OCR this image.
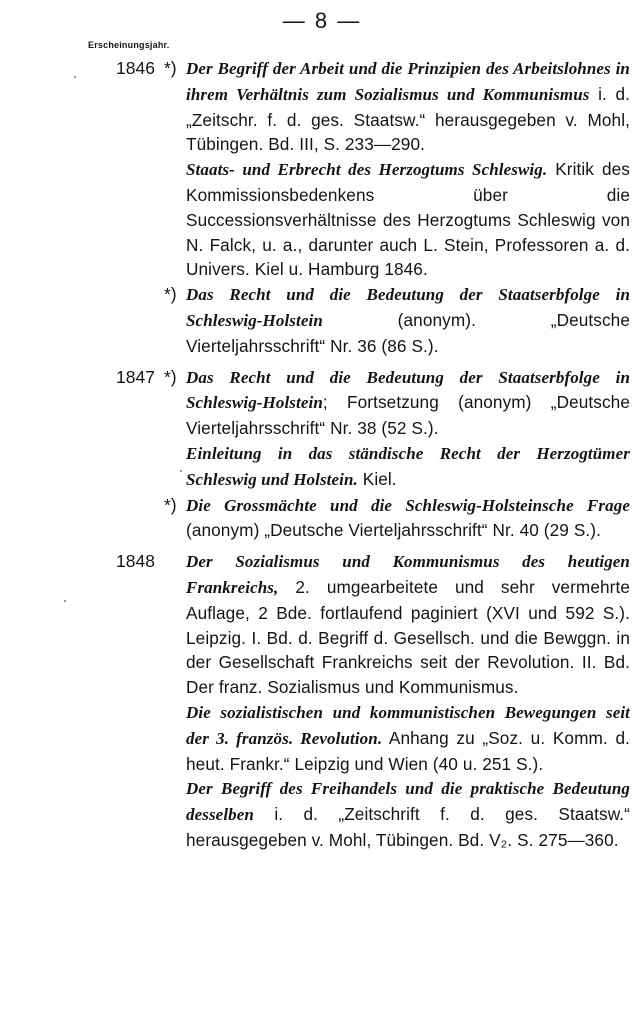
— 8 —
Erscheinungsjahr.
1846 *) Der Begriff der Arbeit und die Prinzipien des Arbeitslohnes in ihrem Verhältnis zum Sozialismus und Kommunismus i. d. „Zeitschr. f. d. ges. Staatsw.“ herausgegeben v. Mohl, Tübingen. Bd. III, S. 233—290.
Staats- und Erbrecht des Herzogtums Schleswig. Kritik des Kommissionsbedenkens über die Successionsverhältnisse des Herzogtums Schleswig von N. Falck, u. a., darunter auch L. Stein, Professoren a. d. Univers. Kiel u. Hamburg 1846.
*) Das Recht und die Bedeutung der Staatserbfolge in Schleswig-Holstein (anonym). „Deutsche Vierteljahrsschrift“ Nr. 36 (86 S.).
1847 *) Das Recht und die Bedeutung der Staatserbfolge in Schleswig-Holstein; Fortsetzung (anonym) „Deutsche Vierteljahrsschrift“ Nr. 38 (52 S.).
Einleitung in das ständische Recht der Herzogtümer Schleswig und Holstein. Kiel.
*) Die Grossmächte und die Schleswig-Holsteinsche Frage (anonym) „Deutsche Vierteljahrsschrift“ Nr. 40 (29 S.).
1848 Der Sozialismus und Kommunismus des heutigen Frankreichs, 2. umgearbeitete und sehr vermehrte Auflage, 2 Bde. fortlaufend paginiert (XVI und 592 S.). Leipzig. I. Bd. d. Begriff d. Gesellsch. und die Bewggn. in der Gesellschaft Frankreichs seit der Revolution. II. Bd. Der franz. Sozialismus und Kommunismus.
Die sozialistischen und kommunistischen Bewegungen seit der 3. französ. Revolution. Anhang zu „Soz. u. Komm. d. heut. Frankr.“ Leipzig und Wien (40 u. 251 S.).
Der Begriff des Freihandels und die praktische Bedeutung desselben i. d. „Zeitschrift f. d. ges. Staatsw.“ herausgegeben v. Mohl, Tübingen. Bd. V₂. S. 275—360.
